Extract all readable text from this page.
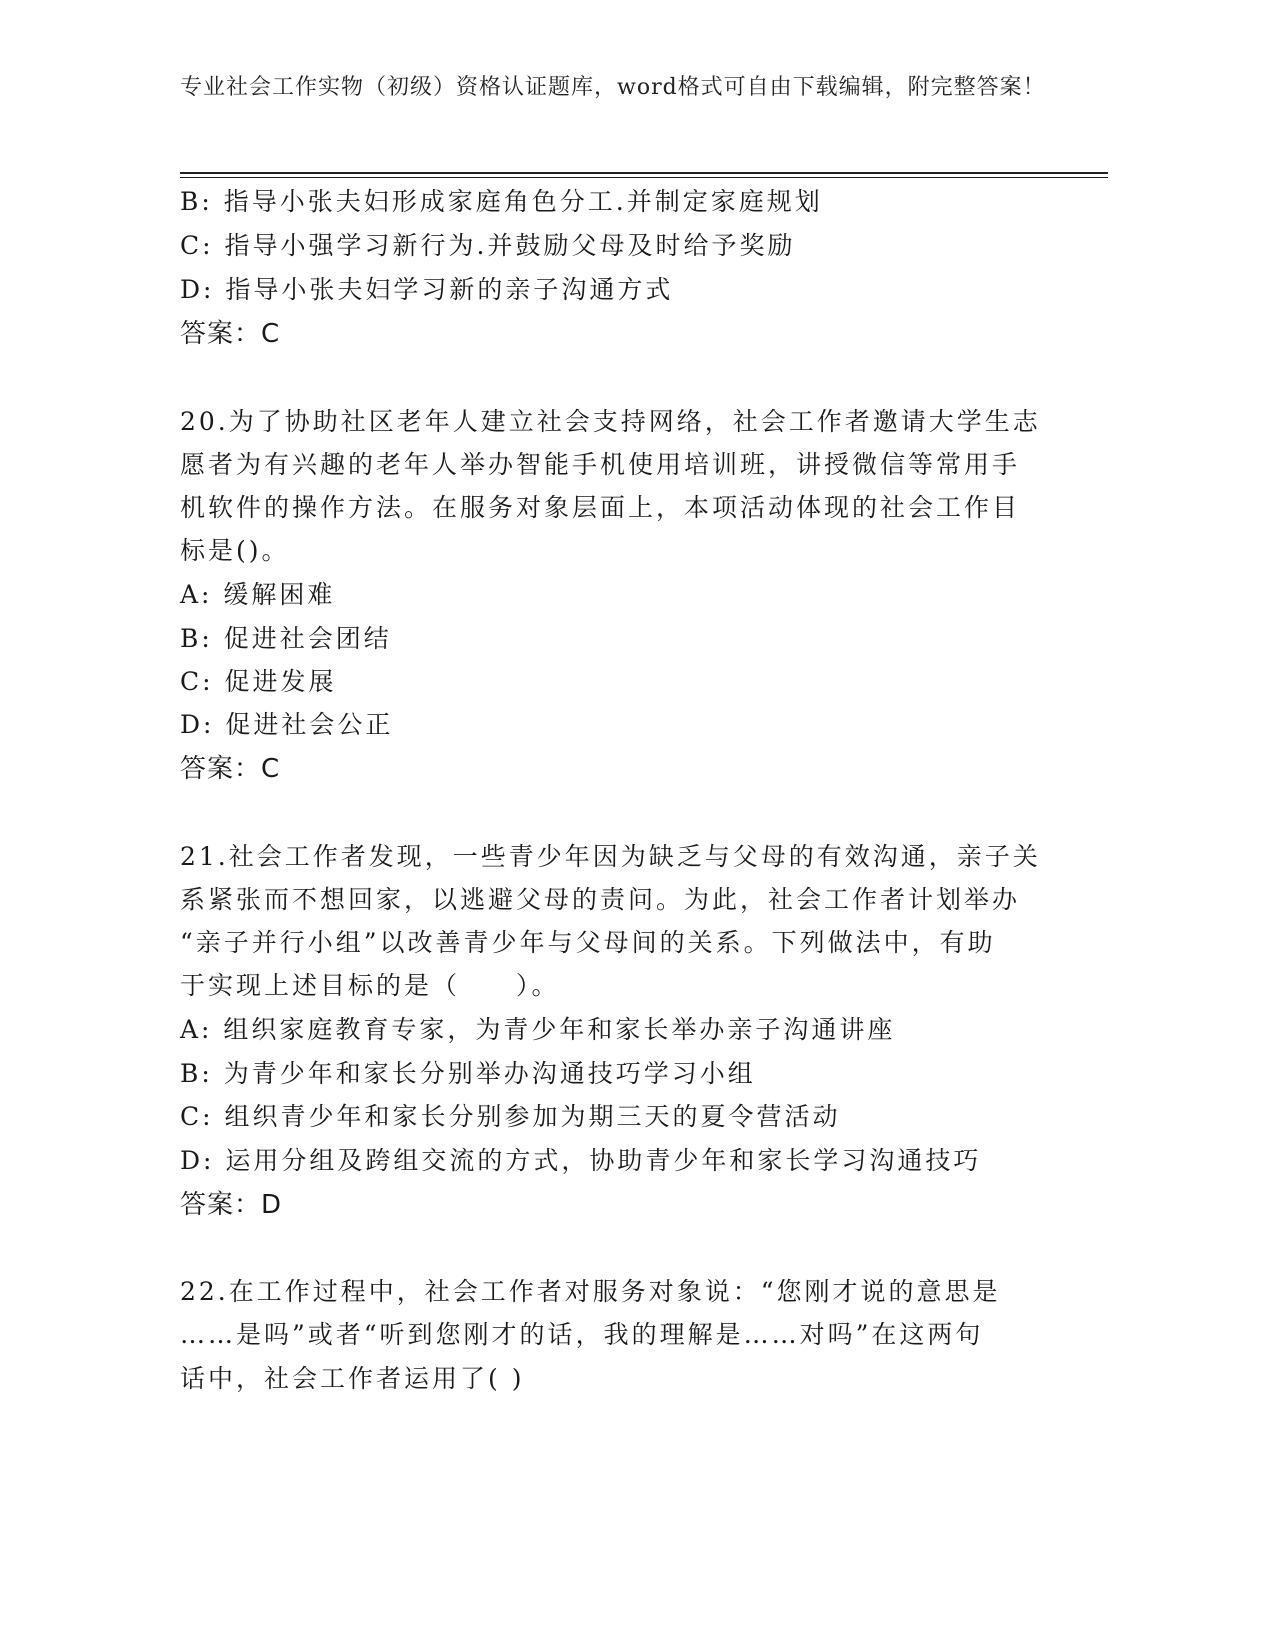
专业社会工作实物（初级）资格认证题库，word格式可自由下载编辑，附完整答案！
B: 指导小张夫妇形成家庭角色分工.并制定家庭规划
C: 指导小强学习新行为.并鼓励父母及时给予奖励
D: 指导小张夫妇学习新的亲子沟通方式
答案：C
20.为了协助社区老年人建立社会支持网络，社会工作者邀请大学生志
愿者为有兴趣的老年人举办智能手机使用培训班，讲授微信等常用手
机软件的操作方法。在服务对象层面上，本项活动体现的社会工作目
标是()。
A: 缓解困难
B: 促进社会团结
C: 促进发展
D: 促进社会公正
答案：C
21.社会工作者发现，一些青少年因为缺乏与父母的有效沟通，亲子关
系紧张而不想回家，以逃避父母的责问。为此，社会工作者计划举办
“亲子并行小组”以改善青少年与父母间的关系。下列做法中，有助
于实现上述目标的是（　　）。
A: 组织家庭教育专家，为青少年和家长举办亲子沟通讲座
B: 为青少年和家长分别举办沟通技巧学习小组
C: 组织青少年和家长分别参加为期三天的夏令营活动
D: 运用分组及跨组交流的方式，协助青少年和家长学习沟通技巧
答案：D
22.在工作过程中，社会工作者对服务对象说：“您刚才说的意思是
……是吗”或者“听到您刚才的话，我的理解是……对吗”在这两句
话中，社会工作者运用了( )
